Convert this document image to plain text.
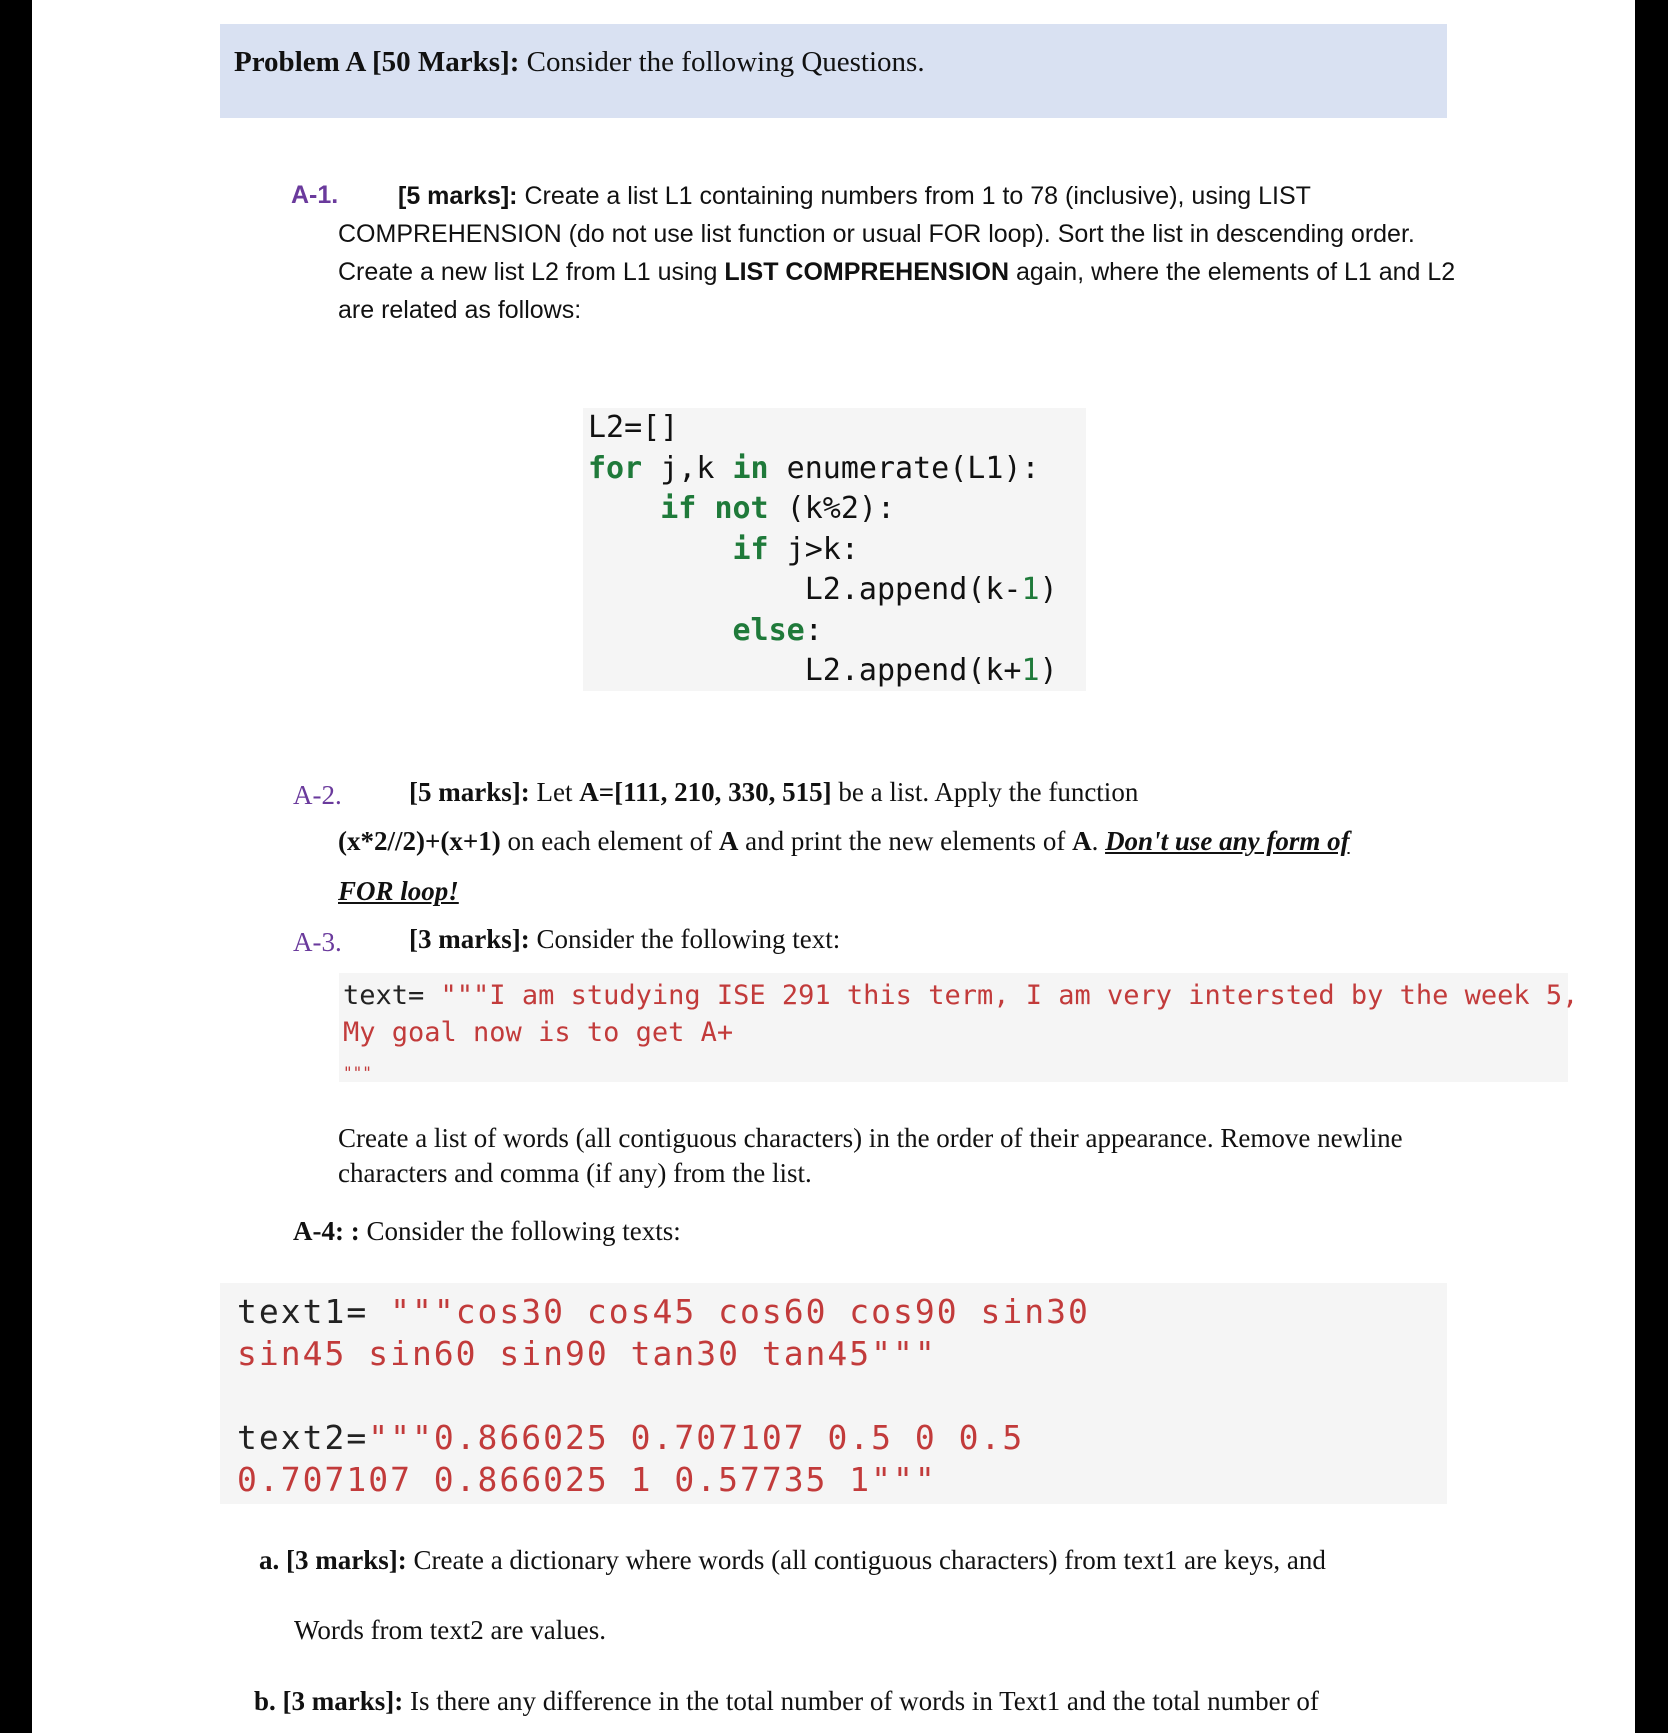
Problem A [50 Marks]: Consider the following Questions.
A-1.	[5 marks]: Create a list L1 containing numbers from 1 to 78 (inclusive), using LIST COMPREHENSION (do not use list function or usual FOR loop). Sort the list in descending order. Create a new list L2 from L1 using LIST COMPREHENSION again, where the elements of L1 and L2 are related as follows:
L2=[]
for j,k in enumerate(L1):
if not (k%2):
if j>k:
L2.append(k-1)
else:
L2.append(k+1)
A-2. [5 marks]: Let A=[111, 210, 330, 515] be a list. Apply the function
(x*2//2)+(x+1) on each element of A and print the new elements of A. Don't use any form of
FOR loop!
A-3. [3 marks]: Consider the following text:
text= """I am studying ISE 291 this term, I am very intersted by the week 5,
My goal now is to get A+
"""
Create a list of words (all contiguous characters) in the order of their appearance. Remove newline characters and comma (if any) from the list.
A-4: : Consider the following texts:
text1= """cos30 cos45 cos60 cos90 sin30
sin45 sin60 sin90 tan30 tan45"""

text2="""0.866025 0.707107 0.5 0 0.5
0.707107 0.866025 1 0.57735 1"""
a. [3 marks]: Create a dictionary where words (all contiguous characters) from text1 are keys, and
Words from text2 are values.
b. [3 marks]: Is there any difference in the total number of words in Text1 and the total number of
